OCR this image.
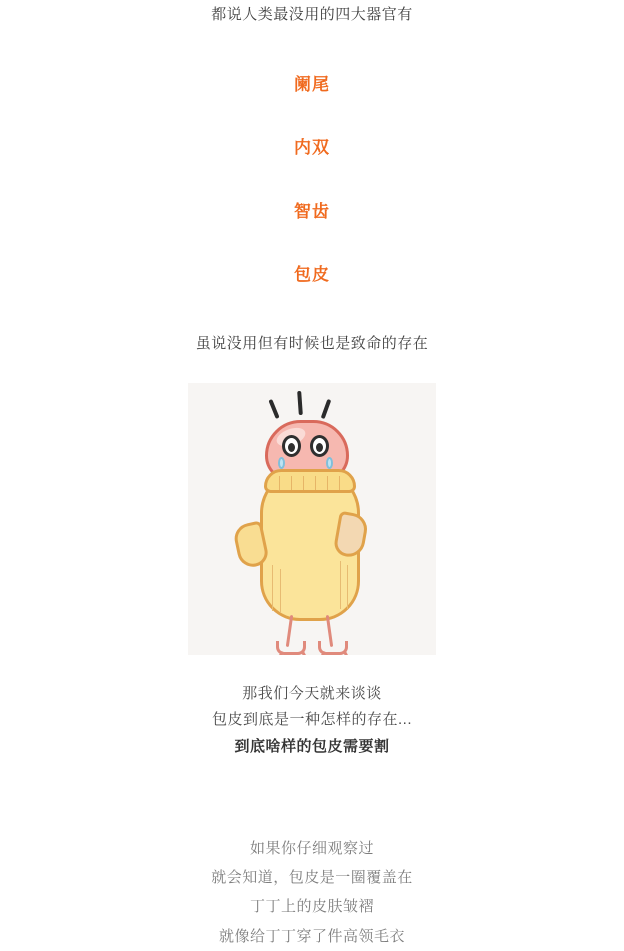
都说人类最没用的四大器官有
阑尾
内双
智齿
包皮
虽说没用但有时候也是致命的存在
那我们今天就来谈谈
包皮到底是一种怎样的存在...
到底啥样的包皮需要割
如果你仔细观察过
就会知道，包皮是一圈覆盖在
丁丁上的皮肤皱褶
就像给丁丁穿了件高领毛衣
